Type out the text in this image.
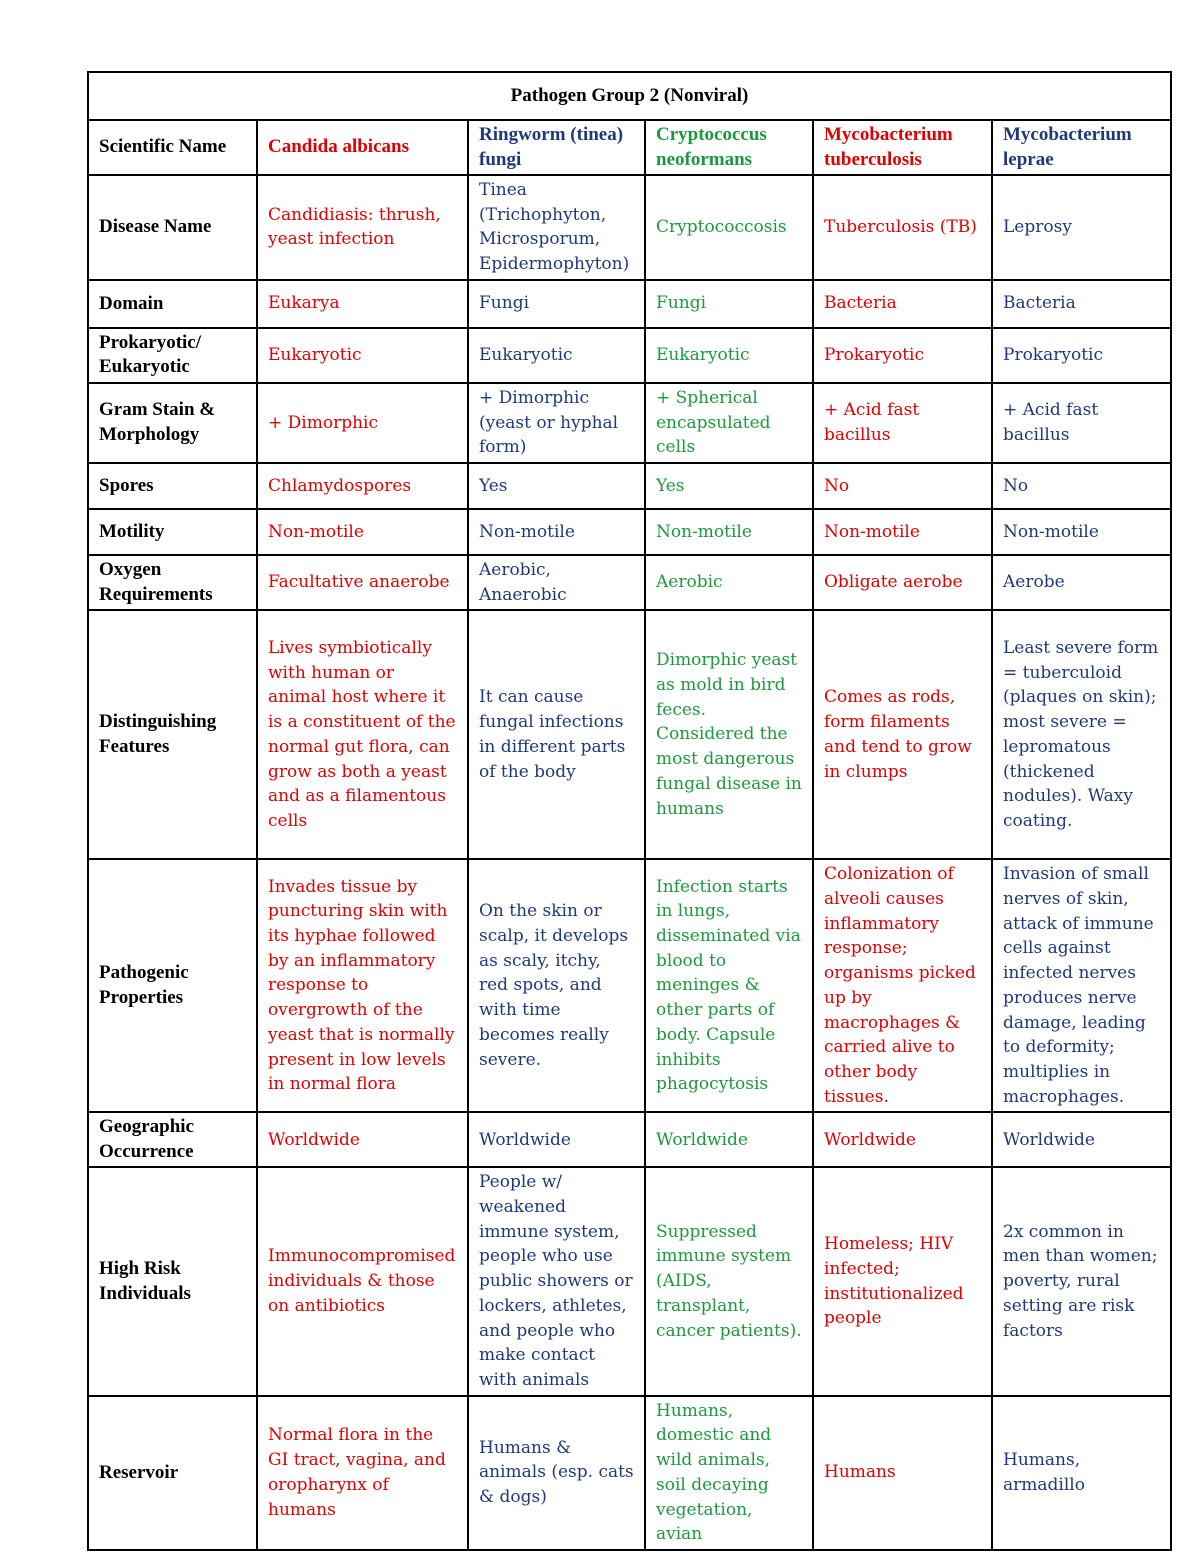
Pathogen Group 2 (Nonviral)					
Scientific Name	Candida albicans	Ringworm (tinea) fungi	Cryptococcus neoformans	Mycobacterium tuberculosis	Mycobacterium leprae
Disease Name	Candidiasis: thrush, yeast infection	Tinea (Trichophyton, Microsporum, Epidermophyton)	Cryptococcosis	Tuberculosis (TB)	Leprosy
Domain	Eukarya	Fungi	Fungi	Bacteria	Bacteria
Prokaryotic/ Eukaryotic	Eukaryotic	Eukaryotic	Eukaryotic	Prokaryotic	Prokaryotic
Gram Stain & Morphology	+ Dimorphic	+ Dimorphic (yeast or hyphal form)	+ Spherical encapsulated cells	+ Acid fast bacillus	+ Acid fast bacillus
Spores	Chlamydospores	Yes	Yes	No	No
Motility	Non-motile	Non-motile	Non-motile	Non-motile	Non-motile
Oxygen Requirements	Facultative anaerobe	Aerobic, Anaerobic	Aerobic	Obligate aerobe	Aerobe
Distinguishing Features	Lives symbiotically with human or animal host where it is a constituent of the normal gut flora, can grow as both a yeast and as a filamentous cells	It can cause fungal infections in different parts of the body	Dimorphic yeast as mold in bird feces. Considered the most dangerous fungal disease in humans	Comes as rods, form filaments and tend to grow in clumps	Least severe form = tuberculoid (plaques on skin); most severe = lepromatous (thickened nodules). Waxy coating.
Pathogenic Properties	Invades tissue by puncturing skin with its hyphae followed by an inflammatory response to overgrowth of the yeast that is normally present in low levels in normal flora	On the skin or scalp, it develops as scaly, itchy, red spots, and with time becomes really severe.	Infection starts in lungs, disseminated via blood to meninges & other parts of body. Capsule inhibits phagocytosis	Colonization of alveoli causes inflammatory response; organisms picked up by macrophages & carried alive to other body tissues.	Invasion of small nerves of skin, attack of immune cells against infected nerves produces nerve damage, leading to deformity; multiplies in macrophages.
Geographic Occurrence	Worldwide	Worldwide	Worldwide	Worldwide	Worldwide
High Risk Individuals	Immunocompromised individuals & those on antibiotics	People w/ weakened immune system, people who use public showers or lockers, athletes, and people who make contact with animals	Suppressed immune system (AIDS, transplant, cancer patients).	Homeless; HIV infected; institutionalized people	2x common in men than women; poverty, rural setting are risk factors
Reservoir	Normal flora in the GI tract, vagina, and oropharynx of humans	Humans & animals (esp. cats & dogs)	Humans, domestic and wild animals, soil decaying vegetation, avian	Humans	Humans, armadillo
